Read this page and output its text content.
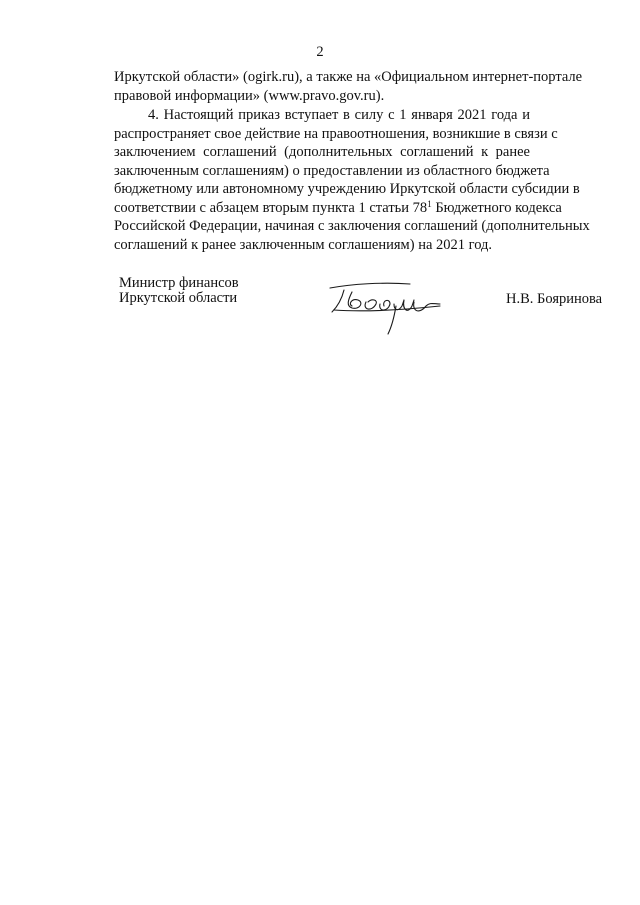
2
Иркутской области» (ogirk.ru), а также на «Официальном интернет-портале
правовой информации» (www.pravo.gov.ru).
4. Настоящий приказ вступает в силу с 1 января 2021 года и
распространяет свое действие на правоотношения, возникшие в связи с
заключением соглашений (дополнительных соглашений к ранее
заключенным соглашениям) о предоставлении из областного бюджета
бюджетному или автономному учреждению Иркутской области субсидии в
соответствии с абзацем вторым пункта 1 статьи $78^1$ Бюджетного кодекса
Российской Федерации, начиная с заключения соглашений (дополнительных
соглашений к ранее заключенным соглашениям) на 2021 год.
Министр финансов
Иркутской области	Н.В. Бояринова
